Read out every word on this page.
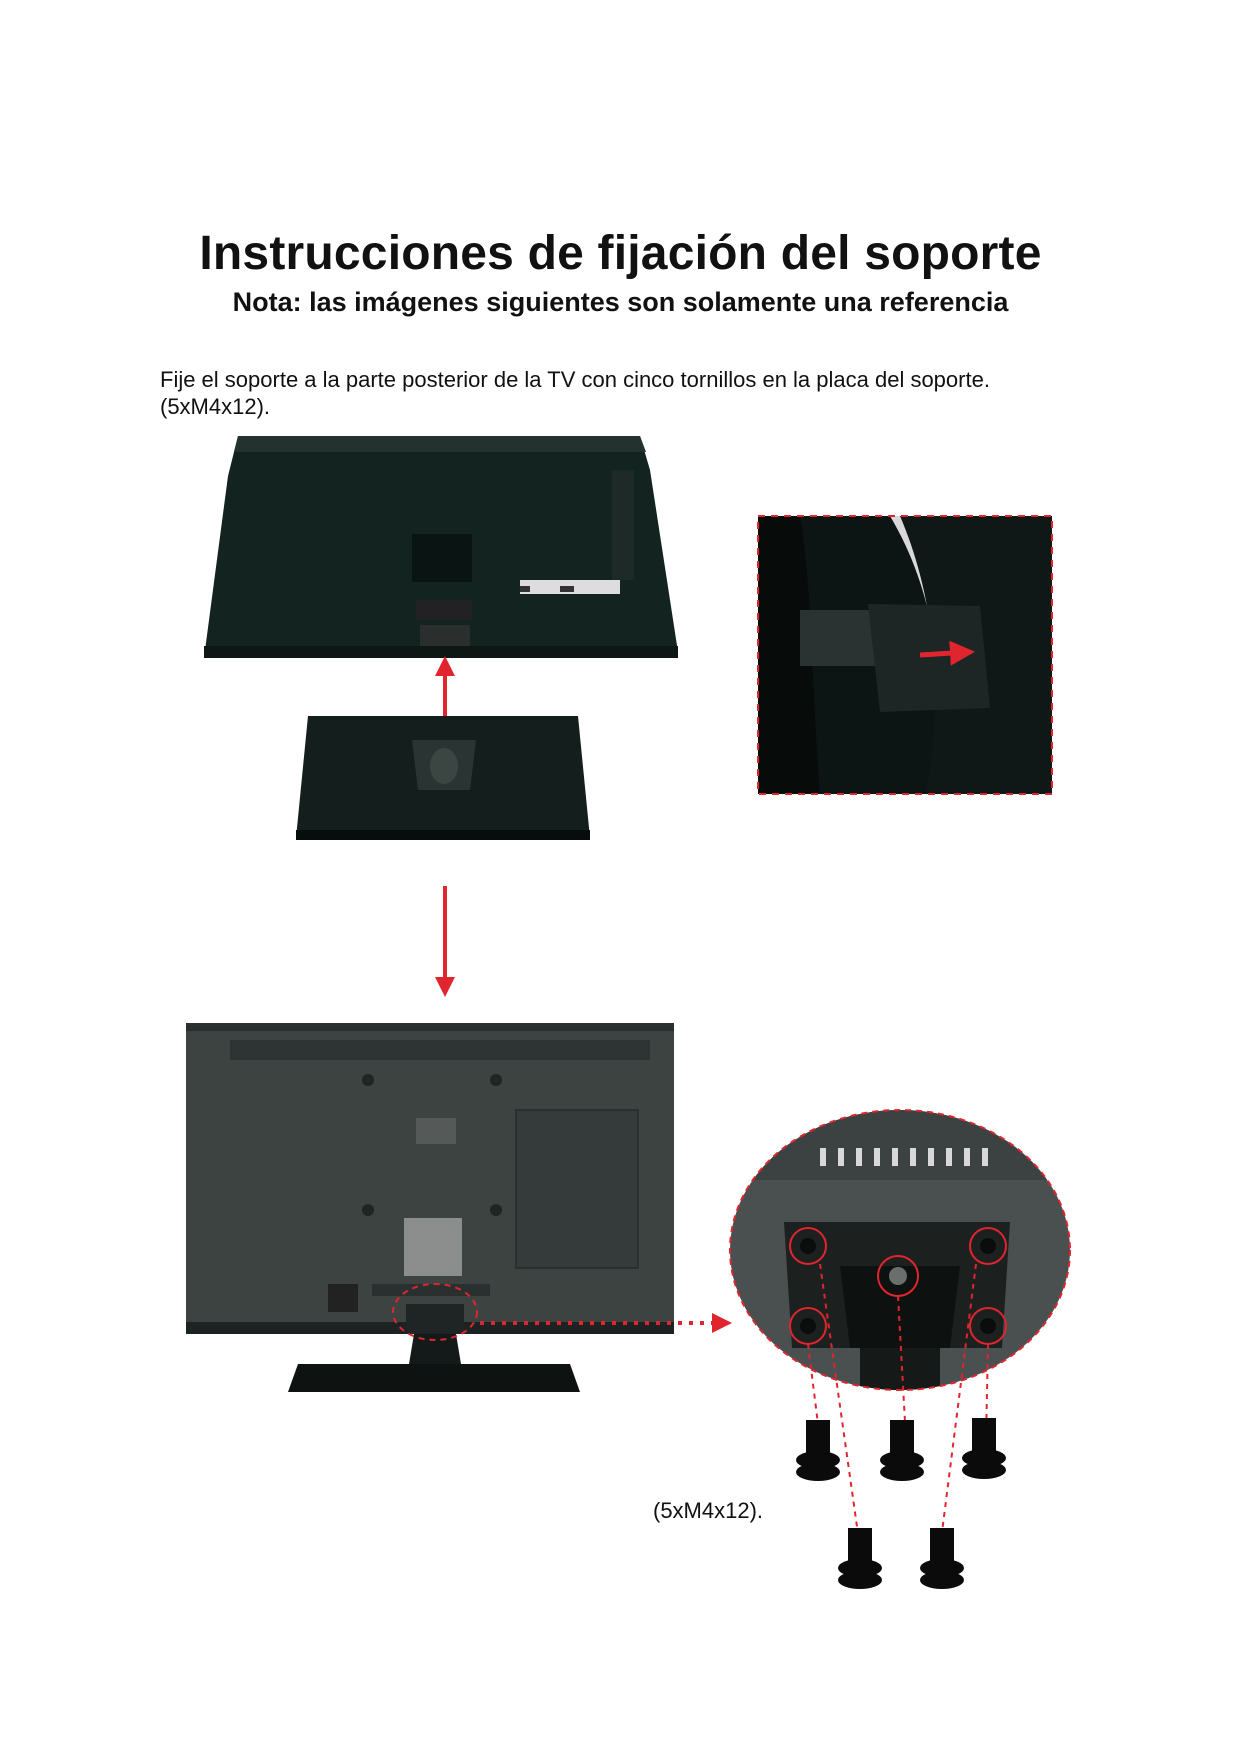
Instrucciones de fijación del soporte
Nota: las imágenes siguientes son solamente una referencia

Fije el soporte a la parte posterior de la TV con cinco tornillos en la placa del soporte.
(5xM4x12).

(5xM4x12).
